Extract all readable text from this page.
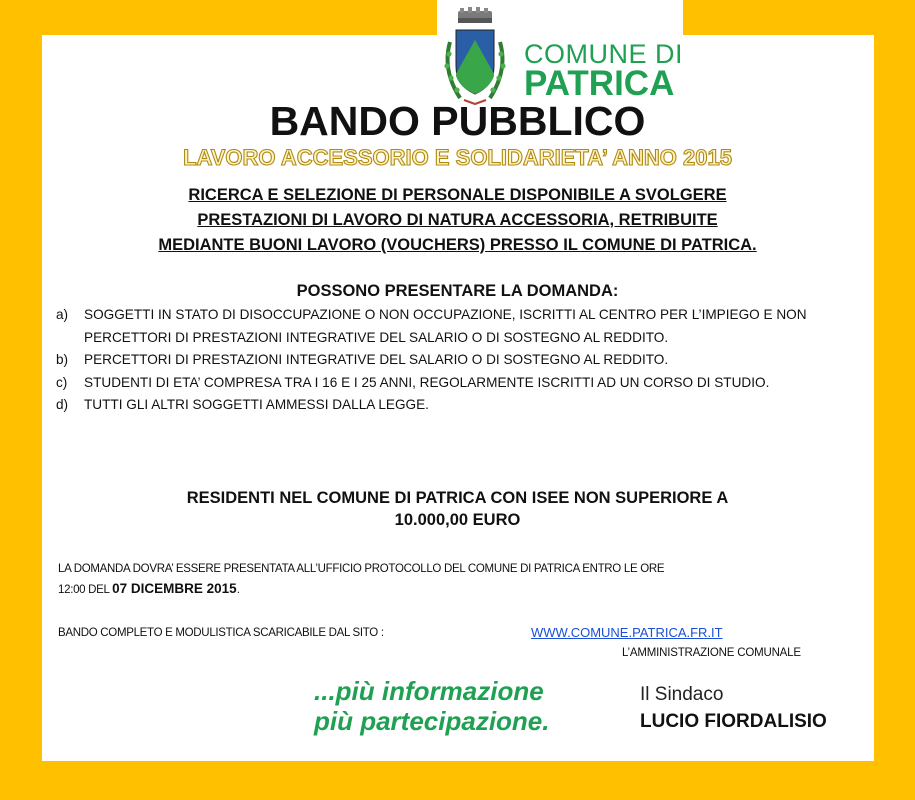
COMUNE DI
PATRICA
BANDO PUBBLICO
LAVORO ACCESSORIO E SOLIDARIETA’ ANNO 2015
RICERCA E SELEZIONE DI PERSONALE DISPONIBILE A SVOLGERE
PRESTAZIONI DI LAVORO DI NATURA ACCESSORIA, RETRIBUITE
MEDIANTE BUONI LAVORO (VOUCHERS) PRESSO IL COMUNE DI PATRICA.
POSSONO PRESENTARE LA DOMANDA:
a)	SOGGETTI IN STATO DI DISOCCUPAZIONE O NON OCCUPAZIONE, ISCRITTI AL CENTRO PER L’IMPIEGO E NON PERCETTORI DI PRESTAZIONI INTEGRATIVE DEL SALARIO O DI SOSTEGNO AL REDDITO.
b)	PERCETTORI DI PRESTAZIONI INTEGRATIVE DEL SALARIO O DI SOSTEGNO AL REDDITO.
c)	STUDENTI DI ETA’ COMPRESA TRA I 16 E I 25 ANNI, REGOLARMENTE ISCRITTI AD UN CORSO DI STUDIO.
d)	TUTTI GLI ALTRI SOGGETTI AMMESSI DALLA LEGGE.
RESIDENTI NEL COMUNE DI PATRICA CON ISEE NON SUPERIORE A
10.000,00 EURO
LA DOMANDA DOVRA’ ESSERE PRESENTATA ALL’UFFICIO PROTOCOLLO DEL COMUNE DI PATRICA ENTRO LE ORE
12:00 DEL 07 DICEMBRE 2015.
BANDO COMPLETO E MODULISTICA SCARICABILE DAL SITO :	WWW.COMUNE.PATRICA.FR.IT
L’AMMINISTRAZIONE COMUNALE
...più informazione
più partecipazione.
Il Sindaco
LUCIO FIORDALISIO
